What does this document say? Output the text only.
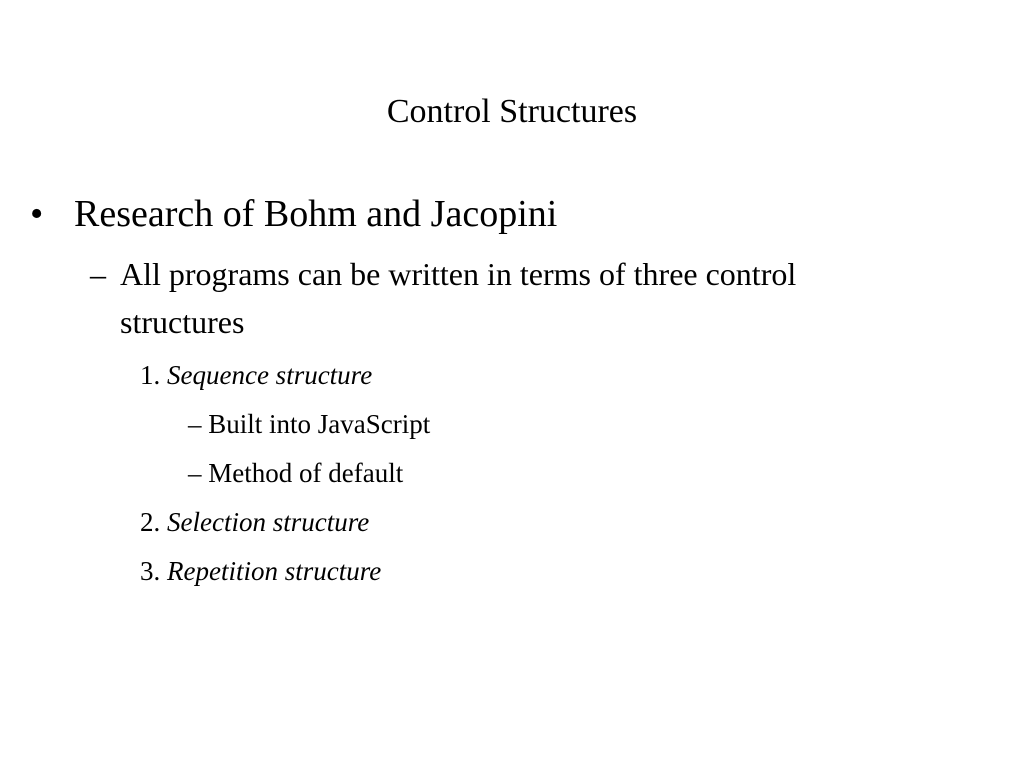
Control Structures
• Research of Bohm and Jacopini
– All programs can be written in terms of three control
structures
1. Sequence structure
– Built into JavaScript
– Method of default
2. Selection structure
3. Repetition structure
